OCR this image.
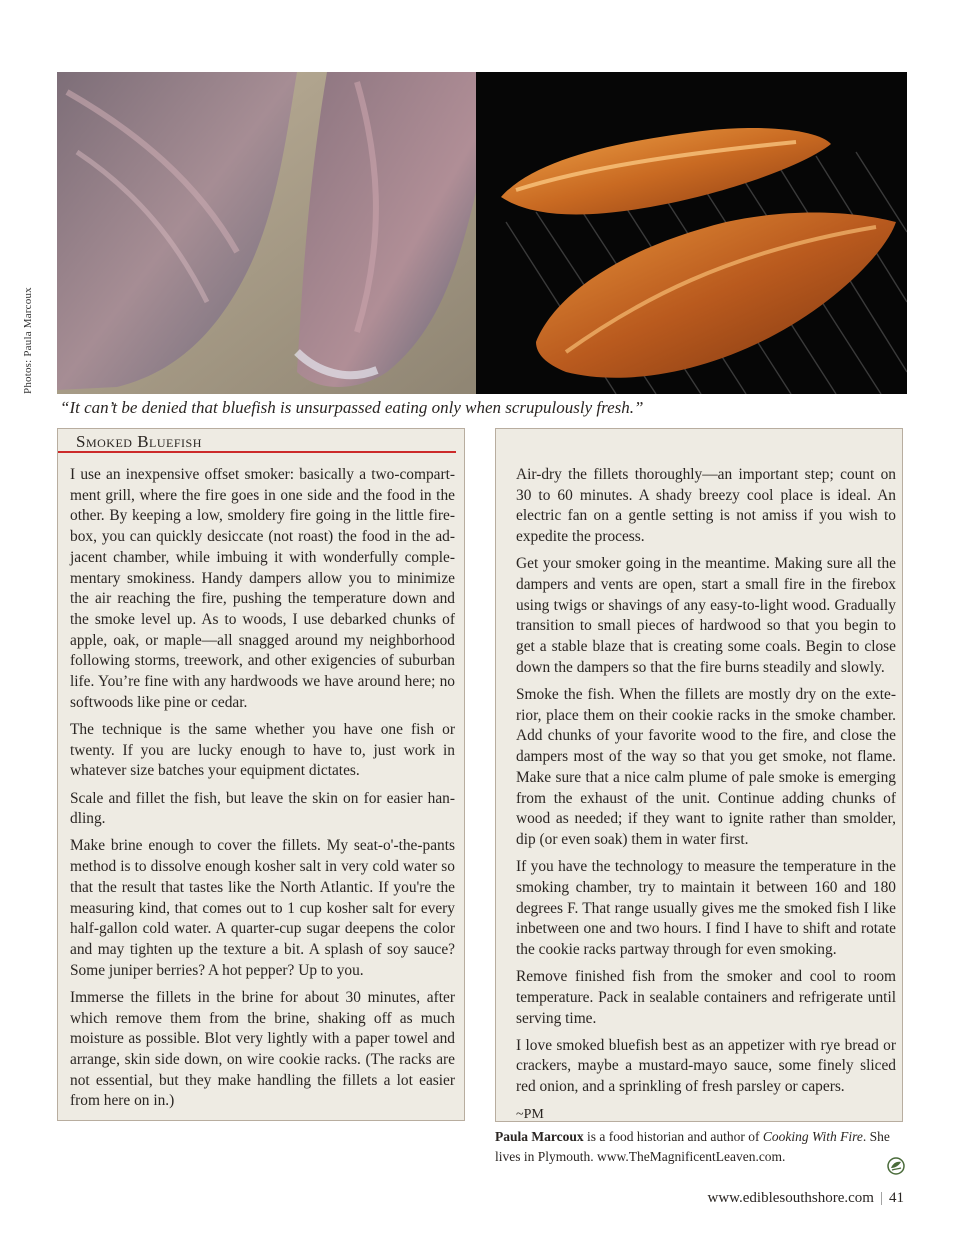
Photos: Paula Marcoux
“It can’t be denied that bluefish is unsurpassed eating only when scrupulously fresh.”
Smoked Bluefish

I use an inexpensive offset smoker: basically a two-compart- ment grill, where the fire goes in one side and the food in the other. By keeping a low, smoldery fire going in the little fire- box, you can quickly desiccate (not roast) the food in the ad- jacent chamber, while imbuing it with wonderfully comple- mentary smokiness. Handy dampers allow you to minimize the air reaching the fire, pushing the temperature down and the smoke level up. As to woods, I use debarked chunks of apple, oak, or maple—all snagged around my neighborhood following storms, treework, and other exigencies of suburban life. You’re fine with any hardwoods we have around here; no softwoods like pine or cedar.

The technique is the same whether you have one fish or twenty. If you are lucky enough to have to, just work in whatever size batches your equipment dictates.

Scale and fillet the fish, but leave the skin on for easier han- dling.

Make brine enough to cover the fillets. My seat-o'-the-pants method is to dissolve enough kosher salt in very cold water so that the result that tastes like the North Atlantic. If you're the measuring kind, that comes out to 1 cup kosher salt for every half-gallon cold water. A quarter-cup sugar deepens the color and may tighten up the texture a bit. A splash of soy sauce? Some juniper berries? A hot pepper? Up to you.

Immerse the fillets in the brine for about 30 minutes, after which remove them from the brine, shaking off as much moisture as possible. Blot very lightly with a paper towel and arrange, skin side down, on wire cookie racks. (The racks are not essential, but they make handling the fillets a lot easier from here on in.)

Air-dry the fillets thoroughly—an important step; count on 30 to 60 minutes. A shady breezy cool place is ideal. An electric fan on a gentle setting is not amiss if you wish to expedite the process.

Get your smoker going in the meantime. Making sure all the dampers and vents are open, start a small fire in the firebox using twigs or shavings of any easy-to-light wood. Gradually transition to small pieces of hardwood so that you begin to get a stable blaze that is creating some coals. Begin to close down the dampers so that the fire burns steadily and slowly.

Smoke the fish. When the fillets are mostly dry on the exte- rior, place them on their cookie racks in the smoke chamber. Add chunks of your favorite wood to the fire, and close the dampers most of the way so that you get smoke, not flame. Make sure that a nice calm plume of pale smoke is emerging from the exhaust of the unit. Continue adding chunks of wood as needed; if they want to ignite rather than smolder, dip (or even soak) them in water first.

If you have the technology to measure the temperature in the smoking chamber, try to maintain it between 160 and 180 degrees F. That range usually gives me the smoked fish I like inbetween one and two hours. I find I have to shift and rotate the cookie racks partway through for even smoking.

Remove finished fish from the smoker and cool to room temperature. Pack in sealable containers and refrigerate until serving time.

I love smoked bluefish best as an appetizer with rye bread or crackers, maybe a mustard-mayo sauce, some finely sliced red onion, and a sprinkling of fresh parsley or capers.

~PM
Paula Marcoux is a food historian and author of Cooking With Fire. She lives in Plymouth. www.TheMagnificentLeaven.com.
www.ediblesouthshore.com | 41
